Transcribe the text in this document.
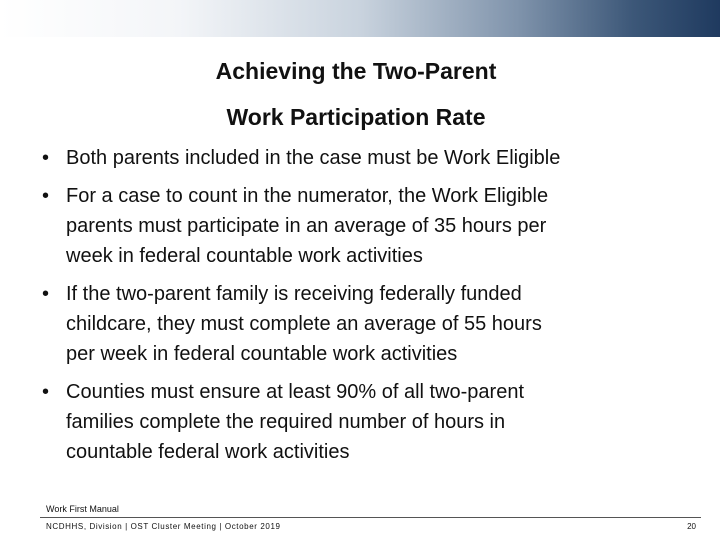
Achieving the Two-Parent
Work Participation Rate
• Both parents included in the case must be Work Eligible
• For a case to count in the numerator, the Work Eligible
parents must participate in an average of 35 hours per
week in federal countable work activities
• If the two-parent family is receiving federally funded
childcare, they must complete an average of 55 hours
per week in federal countable work activities
• Counties must ensure at least 90% of all two-parent
families complete the required number of hours in
countable federal work activities
Work First Manual
NCDHHS, Division | OST Cluster Meeting | October 2019	20
